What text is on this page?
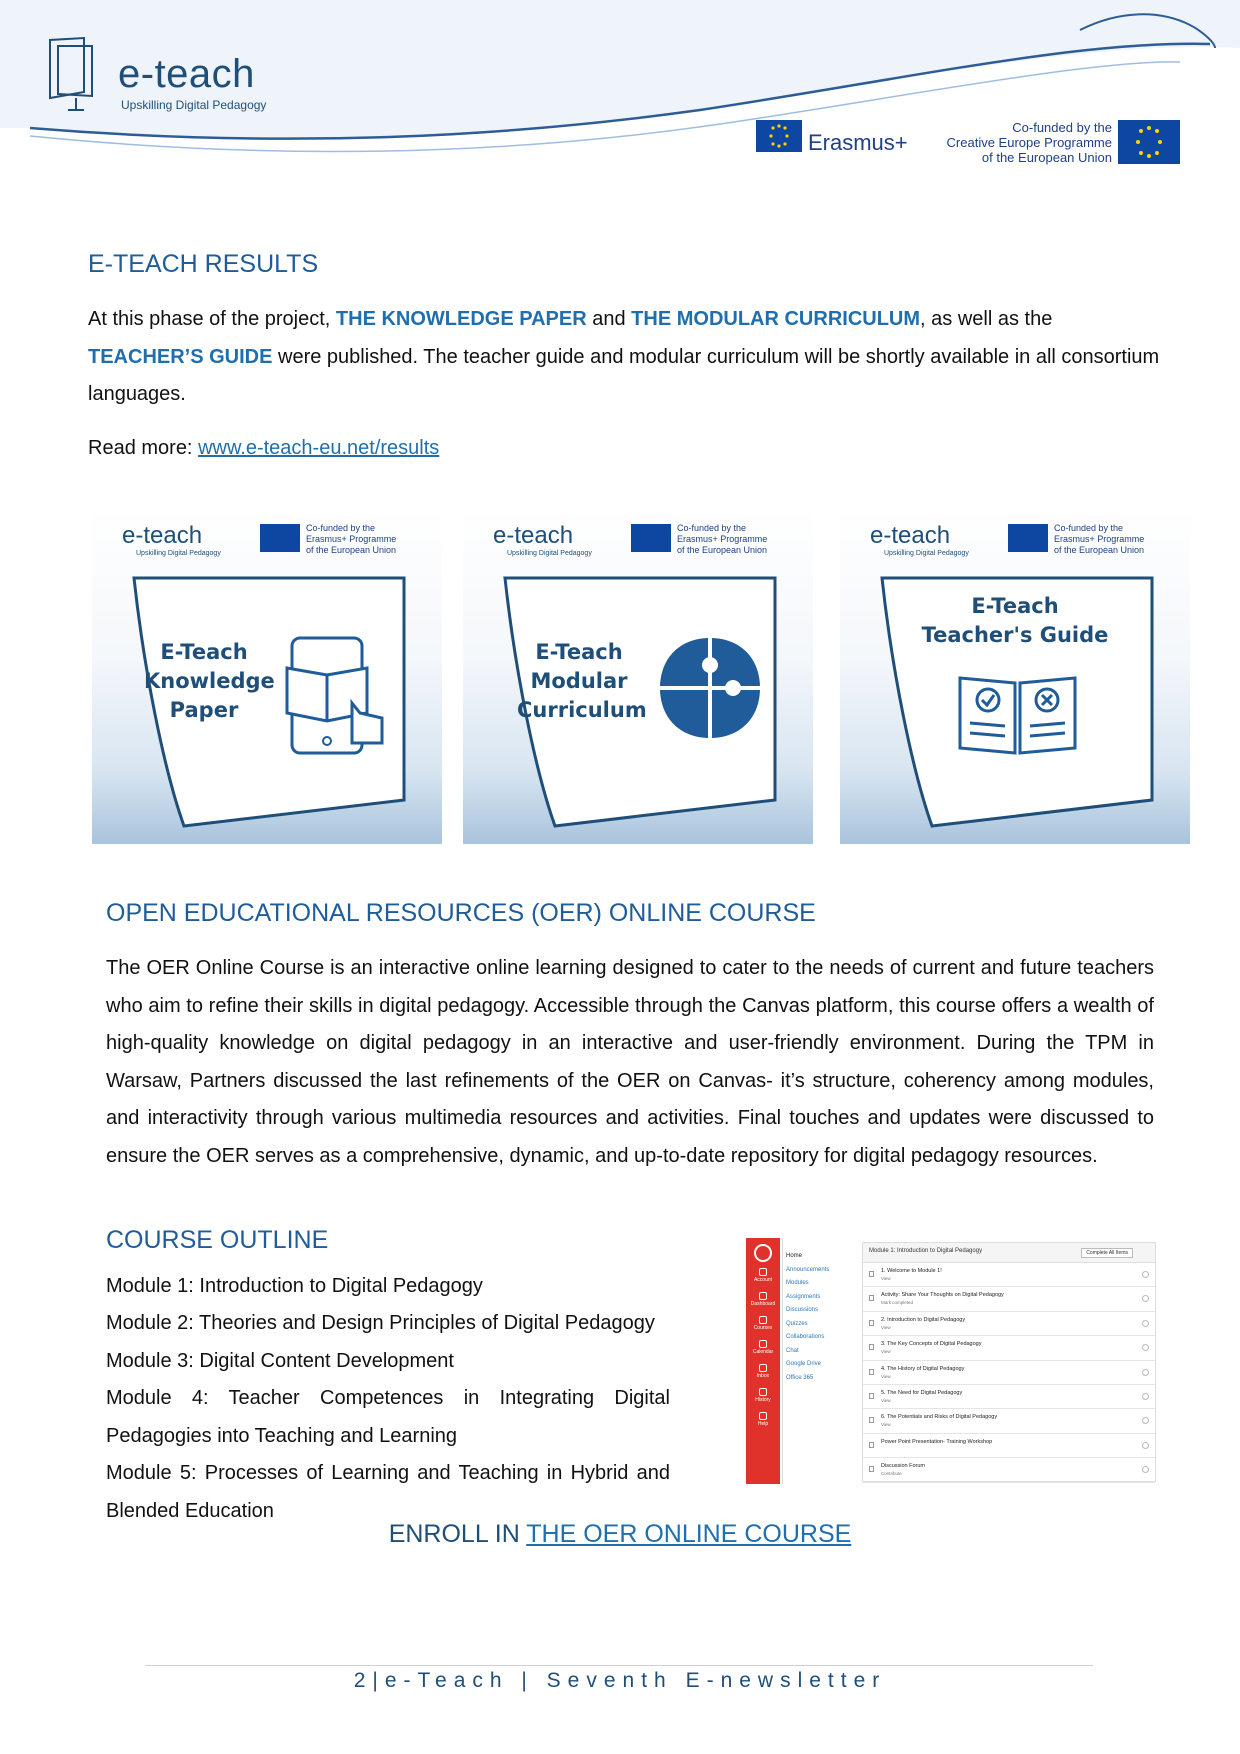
e-teach
Upskilling Digital Pedagogy
Erasmus+
Co-funded by the
Creative Europe Programme
of the European Union
E-TEACH RESULTS
At this phase of the project, THE KNOWLEDGE PAPER and THE MODULAR CURRICULUM, as well as the TEACHER’S GUIDE were published. The teacher guide and modular curriculum will be shortly available in all consortium languages.
Read more: www.e-teach-eu.net/results
e-teach
Upskilling Digital Pedagogy
Co-funded by the
Erasmus+ Programme
of the European Union
E-Teach
Knowledge
Paper
e-teach
Upskilling Digital Pedagogy
Co-funded by the
Erasmus+ Programme
of the European Union
E-Teach
Modular
Curriculum
e-teach
Upskilling Digital Pedagogy
Co-funded by the
Erasmus+ Programme
of the European Union
E-Teach
Teacher's Guide
OPEN EDUCATIONAL RESOURCES (OER) ONLINE COURSE
The OER Online Course is an interactive online learning designed to cater to the needs of current and future teachers who aim to refine their skills in digital pedagogy. Accessible through the Canvas platform, this course offers a wealth of high-quality knowledge on digital pedagogy in an interactive and user-friendly environment. During the TPM in Warsaw, Partners discussed the last refinements of the OER on Canvas- it’s structure, coherency among modules, and interactivity through various multimedia resources and activities. Final touches and updates were discussed to ensure the OER serves as a comprehensive, dynamic, and up-to-date repository for digital pedagogy resources.
COURSE OUTLINE
Module 1: Introduction to Digital Pedagogy
Module 2: Theories and Design Principles of Digital Pedagogy
Module 3: Digital Content Development
Module 4: Teacher Competences in Integrating Digital Pedagogies into Teaching and Learning
Module 5: Processes of Learning and Teaching in Hybrid and Blended Education
Account
Dashboard
Courses
Calendar
Inbox
History
Help
Home
Announcements
Modules
Assignments
Discussions
Quizzes
Collaborations
Chat
Google Drive
Office 365
Module 1: Introduction to Digital Pedagogy	Complete All Items
1. Welcome to Module 1!
View
Activity: Share Your Thoughts on Digital Pedagogy
Mark completed
2. Introduction to Digital Pedagogy
View
3. The Key Concepts of Digital Pedagogy
View
4. The History of Digital Pedagogy
View
5. The Need for Digital Pedagogy
View
6. The Potentials and Risks of Digital Pedagogy
View
Power Point Presentation- Training Workshop
Discussion Forum
Contribute
ENROLL IN THE OER ONLINE COURSE
2|e-Teach | Seventh E-newsletter
